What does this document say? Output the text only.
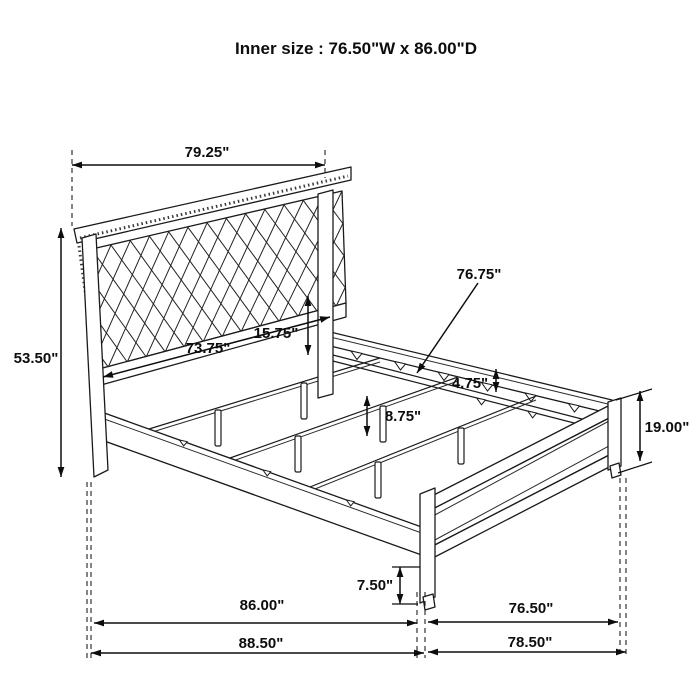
Inner size : 76.50"W x 86.00"D
79.25"
53.50"
73.75"
15.75"
76.75"
4.75"
8.75"
19.00"
7.50"
86.00"	76.50"
88.50"	78.50"
